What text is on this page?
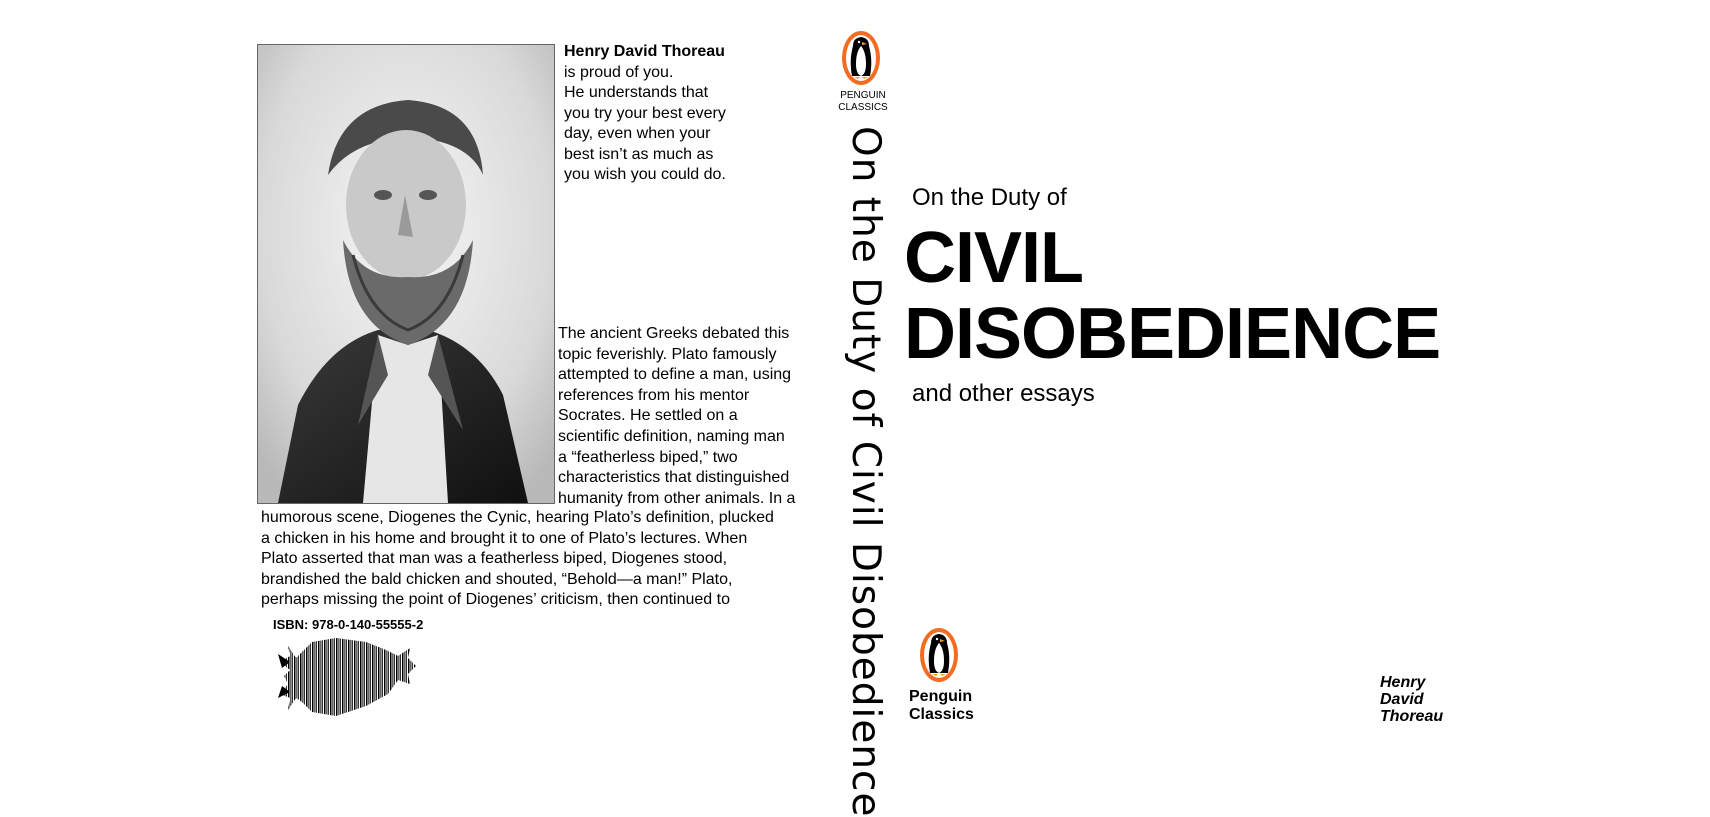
Henry David Thoreau
is proud of you.
He understands that
you try your best every
day, even when your
best isn’t as much as
you wish you could do.
The ancient Greeks debated this
topic feverishly. Plato famously
attempted to define a man, using
references from his mentor
Socrates. He settled on a
scientific definition, naming man
a “featherless biped,” two
characteristics that distinguished
humanity from other animals. In a
humorous scene, Diogenes the Cynic, hearing Plato’s definition, plucked
a chicken in his home and brought it to one of Plato’s lectures. When
Plato asserted that man was a featherless biped, Diogenes stood,
brandished the bald chicken and shouted, “Behold—a man!” Plato,
perhaps missing the point of Diogenes’ criticism, then continued to
ISBN: 978-0-140-55555-2
PENGUIN
CLASSICS
On the Duty of Civil Disobedience On the Duty of
CIVIL
DISOBEDIENCE
and other essays
Penguin
Classics
Henry
David
Thoreau
